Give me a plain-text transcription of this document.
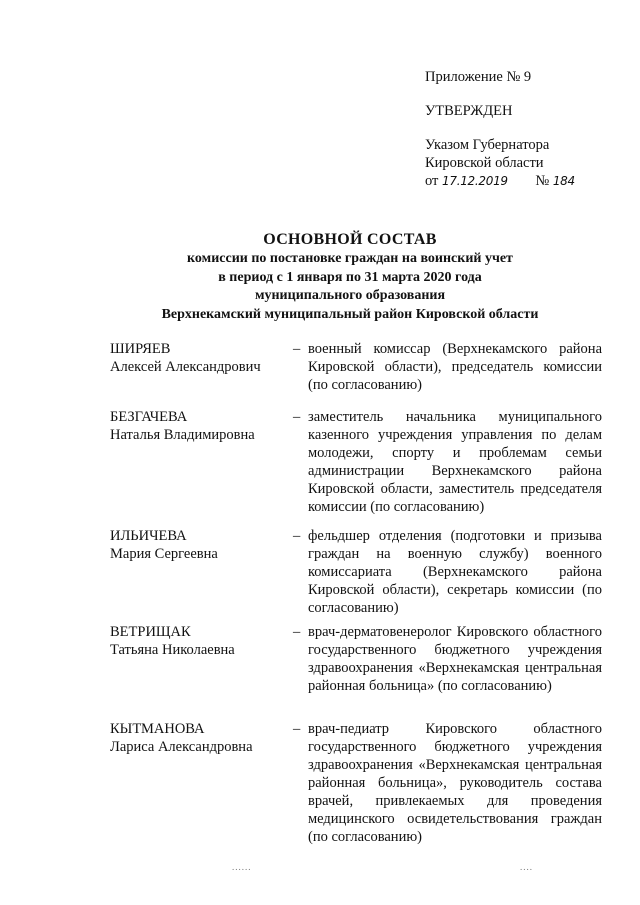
Приложение № 9
УТВЕРЖДЕН
Указом Губернатора
Кировской области
от 17.12.2019 № 184
ОСНОВНОЙ СОСТАВ
комиссии по постановке граждан на воинский учет
в период с 1 января по 31 марта 2020 года
муниципального образования
Верхнекамский муниципальный район Кировской области
ШИРЯЕВ
Алексей Александрович
– военный комиссар (Верхнекамского района Кировской области), председатель комиссии (по согласованию)
БЕЗГАЧЕВА
Наталья Владимировна
– заместитель начальника муниципального казенного учреждения управления по делам молодежи, спорту и проблемам семьи администрации Верхнекамского района Кировской области, заместитель председателя комиссии (по согласованию)
ИЛЬИЧЕВА
Мария Сергеевна
– фельдшер отделения (подготовки и призыва граждан на военную службу) военного комиссариата (Верхнекамского района Кировской области), секретарь комиссии (по согласованию)
ВЕТРИЩАК
Татьяна Николаевна
– врач-дерматовенеролог Кировского областного государственного бюджетного учреждения здравоохранения «Верхнекамская центральная районная больница» (по согласованию)
КЫТМАНОВА
Лариса Александровна
– врач-педиатр Кировского областного государственного бюджетного учреждения здравоохранения «Верхнекамская центральная районная больница», руководитель состава врачей, привлекаемых для проведения медицинского освидетельствования граждан (по согласованию)
......	....
